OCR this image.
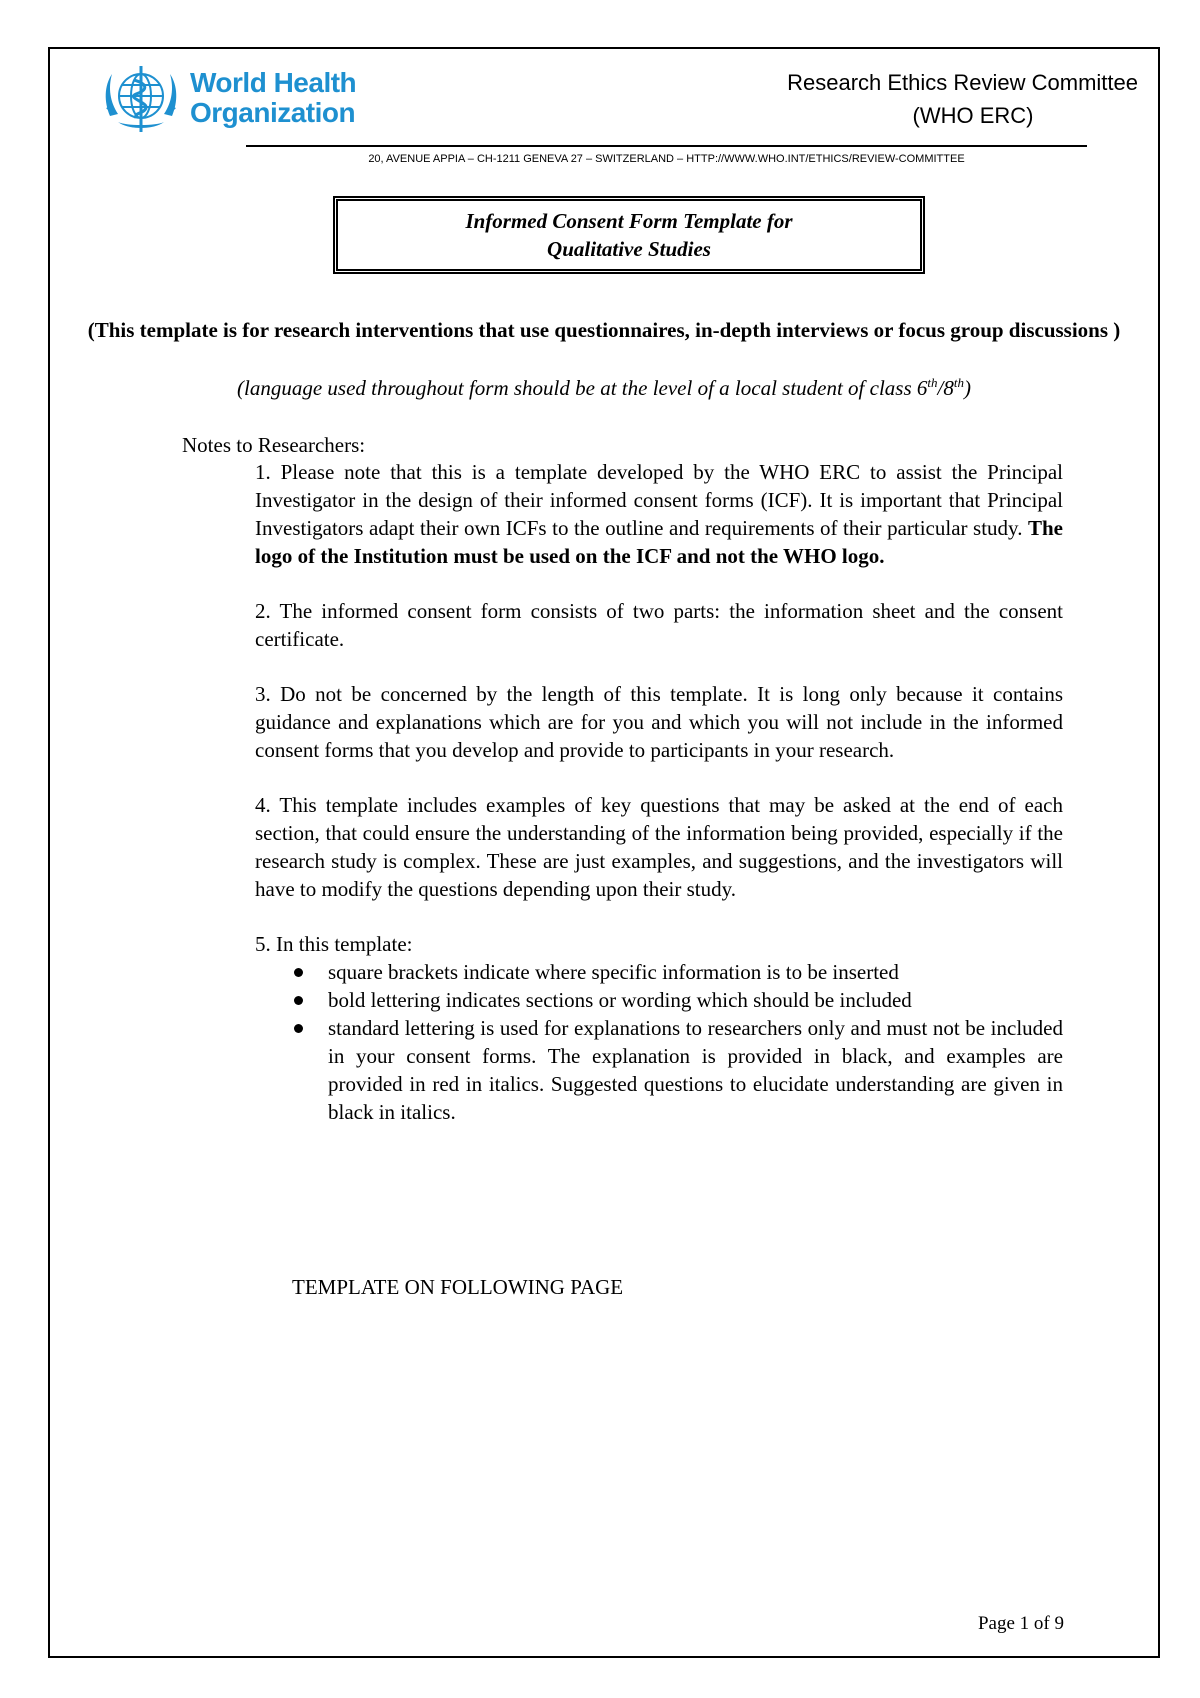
World Health
Organization
Research Ethics Review Committee
(WHO ERC)
20, AVENUE APPIA – CH-1211 GENEVA 27 – SWITZERLAND – HTTP://WWW.WHO.INT/ETHICS/REVIEW-COMMITTEE
Informed Consent Form Template for
Qualitative Studies
(This template is for research interventions that use questionnaires, in-depth interviews or focus group discussions )
(language used throughout form should be at the level of a local student of class 6th/8th)
Notes to Researchers:

1. Please note that this is a template developed by the WHO ERC to assist the Principal Investigator in the design of their informed consent forms (ICF). It is important that Principal Investigators adapt their own ICFs to the outline and requirements of their particular study. The logo of the Institution must be used on the ICF and not the WHO logo.

2. The informed consent form consists of two parts: the information sheet and the consent certificate.

3. Do not be concerned by the length of this template. It is long only because it contains guidance and explanations which are for you and which you will not include in the informed consent forms that you develop and provide to participants in your research.

4. This template includes examples of key questions that may be asked at the end of each section, that could ensure the understanding of the information being provided, especially if the research study is complex. These are just examples, and suggestions, and the investigators will have to modify the questions depending upon their study.

5. In this template:
square brackets indicate where specific information is to be inserted
bold lettering indicates sections or wording which should be included
standard lettering is used for explanations to researchers only and must not be included in your consent forms. The explanation is provided in black, and examples are provided in red in italics. Suggested questions to elucidate understanding are given in black in italics.
TEMPLATE ON FOLLOWING PAGE
Page 1 of 9
